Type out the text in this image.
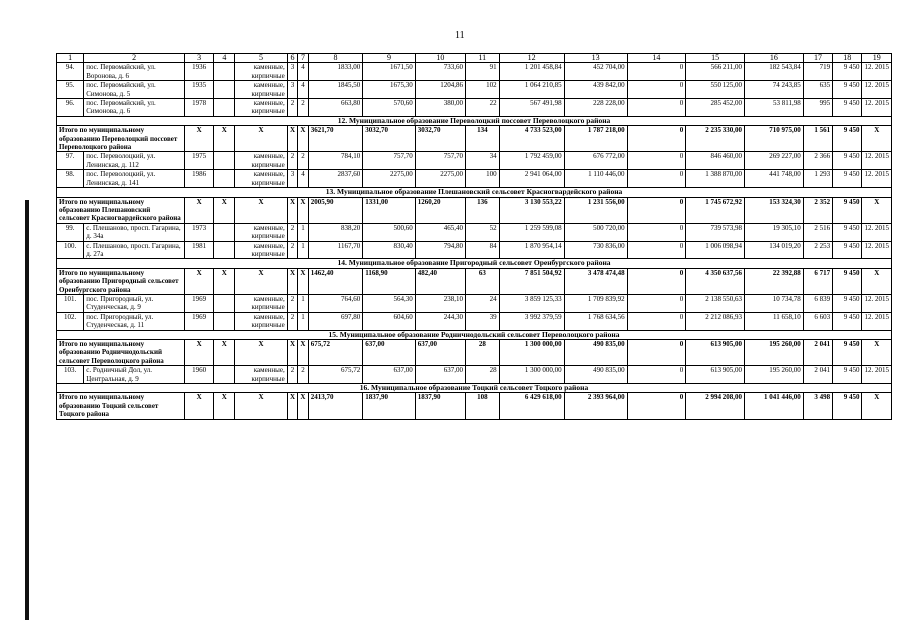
11
1	2	3	4	5	6	7	8	9	10	11	12	13	14	15	16	17	18	19
94.	пос. Первомайский, ул. Воронова, д. 6	1936		каменные, кирпичные	3	4	1833,00	1671,50	733,60	91	1 201 458,84	452 704,00	0	566 211,00	182 543,84	719	9 450	12. 2015
95.	пос. Первомайский, ул. Симонова, д. 5	1935		каменные, кирпичные	3	4	1845,50	1675,30	1204,86	102	1 064 210,85	439 842,00	0	550 125,00	74 243,85	635	9 450	12. 2015
96.	пос. Первомайский, ул. Симонова, д. 6	1978		каменные, кирпичные	2	2	663,80	570,60	380,00	22	567 491,98	228 228,00	0	285 452,00	53 811,98	995	9 450	12. 2015
12. Муниципальное образование Переволоцкий поссовет Переволоцкого района																		
Итого по муниципальному образованию Переволоцкий поссовет Переволоцкого района		X	X	X	X	X	3621,70	3032,70	3032,70	134	4 733 523,00	1 787 218,00	0	2 235 330,00	710 975,00	1 561	9 450	X
97.	пос. Переволоцкий, ул. Ленинская, д. 112	1975		каменные, кирпичные	2	2	784,10	757,70	757,70	34	1 792 459,00	676 772,00	0	846 460,00	269 227,00	2 366	9 450	12. 2015
98.	пос. Переволоцкий, ул. Ленинская, д. 141	1986		каменные, кирпичные	3	4	2837,60	2275,00	2275,00	100	2 941 064,00	1 110 446,00	0	1 388 870,00	441 748,00	1 293	9 450	12. 2015
13. Муниципальное образование Плешановский сельсовет Красногвардейского района																		
Итого по муниципальному образованию Плешановский сельсовет Красногвардейского района		X	X	X	X	X	2005,90	1331,00	1260,20	136	3 130 553,22	1 231 556,00	0	1 745 672,92	153 324,30	2 352	9 450	X
99.	с. Плешаново, просп. Гагарина, д. 34а	1973		каменные, кирпичные	2	1	838,20	500,60	465,40	52	1 259 599,08	500 720,00	0	739 573,98	19 305,10	2 516	9 450	12. 2015
100.	с. Плешаново, просп. Гагарина, д. 27а	1981		каменные, кирпичные	2	1	1167,70	830,40	794,80	84	1 870 954,14	730 836,00	0	1 006 098,94	134 019,20	2 253	9 450	12. 2015
14. Муниципальное образование Пригородный сельсовет Оренбургского района																		
Итого по муниципальному образованию Пригородный сельсовет Оренбургского района		X	X	X	X	X	1462,40	1168,90	482,40	63	7 851 504,92	3 478 474,48	0	4 350 637,56	22 392,88	6 717	9 450	X
101.	пос. Пригородный, ул. Студенческая, д. 9	1969		каменные, кирпичные	2	1	764,60	564,30	238,10	24	3 859 125,33	1 709 839,92	0	2 138 550,63	10 734,78	6 839	9 450	12. 2015
102.	пос. Пригородный, ул. Студенческая, д. 11	1969		каменные, кирпичные	2	1	697,80	604,60	244,30	39	3 992 379,59	1 768 634,56	0	2 212 086,93	11 658,10	6 603	9 450	12. 2015
15. Муниципальное образование Родничнодольский сельсовет Переволоцкого района																		
Итого по муниципальному образованию Родничнодольский сельсовет Переволоцкого района		X	X	X	X	X	675,72	637,00	637,00	28	1 300 000,00	490 835,00	0	613 905,00	195 260,00	2 041	9 450	X
103.	с. Родничный Дол, ул. Центральная, д. 9	1960		каменные, кирпичные	2	2	675,72	637,00	637,00	28	1 300 000,00	490 835,00	0	613 905,00	195 260,00	2 041	9 450	12. 2015
16. Муниципальное образование Тоцкий сельсовет Тоцкого района																		
Итого по муниципальному образованию Тоцкий сельсовет Тоцкого района		X	X	X	X	X	2413,70	1837,90	1837,90	108	6 429 618,00	2 393 964,00	0	2 994 208,00	1 041 446,00	3 498	9 450	X
